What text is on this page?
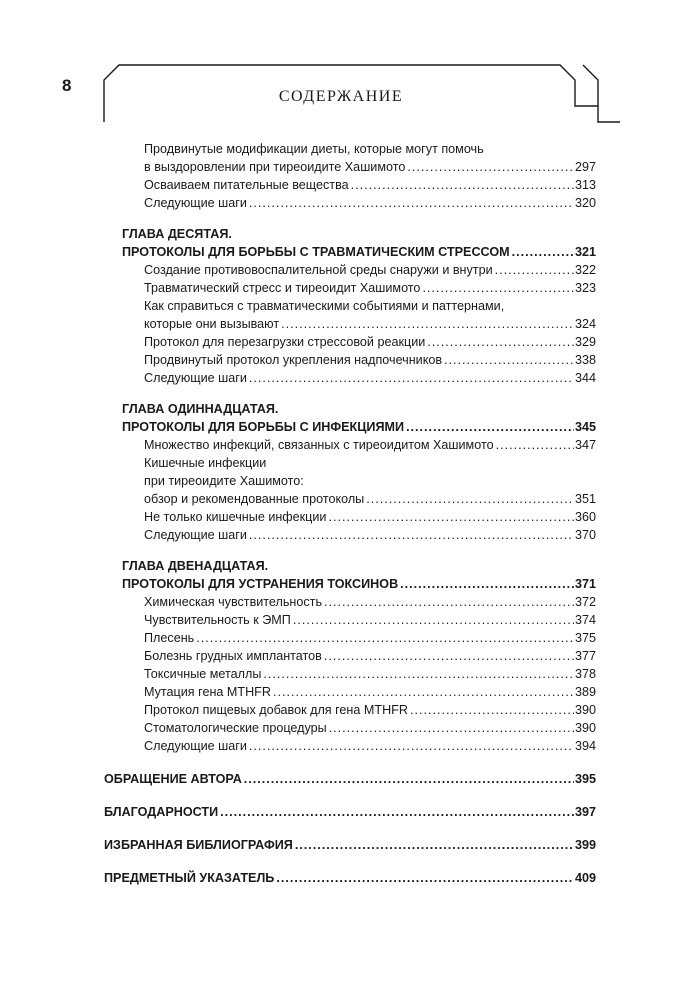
8
СОДЕРЖАНИЕ
Продвинутые модификации диеты, которые могут помочь
в выздоровлении при тиреоидите Хашимото .....	297
Осваиваем питательные вещества .....	313
Следующие шаги .....	320
ГЛАВА ДЕСЯТАЯ.
ПРОТОКОЛЫ ДЛЯ БОРЬБЫ С ТРАВМАТИЧЕСКИМ СТРЕССОМ .....	321
Создание противовоспалительной среды снаружи и внутри .....	322
Травматический стресс и тиреоидит Хашимото .....	323
Как справиться с травматическими событиями и паттернами,
которые они вызывают .....	324
Протокол для перезагрузки стрессовой реакции .....	329
Продвинутый протокол укрепления надпочечников .....	338
Следующие шаги .....	344
ГЛАВА ОДИННАДЦАТАЯ.
ПРОТОКОЛЫ ДЛЯ БОРЬБЫ С ИНФЕКЦИЯМИ .....	345
Множество инфекций, связанных с тиреоидитом Хашимото .....	347
Кишечные инфекции
при тиреоидите Хашимото:
обзор и рекомендованные протоколы .....	351
Не только кишечные инфекции .....	360
Следующие шаги .....	370
ГЛАВА ДВЕНАДЦАТАЯ.
ПРОТОКОЛЫ ДЛЯ УСТРАНЕНИЯ ТОКСИНОВ .....	371
Химическая чувствительность .....	372
Чувствительность к ЭМП .....	374
Плесень .....	375
Болезнь грудных имплантатов .....	377
Токсичные металлы .....	378
Мутация гена MTHFR .....	389
Протокол пищевых добавок для гена MTHFR .....	390
Стоматологические процедуры .....	390
Следующие шаги .....	394
ОБРАЩЕНИЕ АВТОРА .....	395
БЛАГОДАРНОСТИ .....	397
ИЗБРАННАЯ БИБЛИОГРАФИЯ .....	399
ПРЕДМЕТНЫЙ УКАЗАТЕЛЬ .....	409
